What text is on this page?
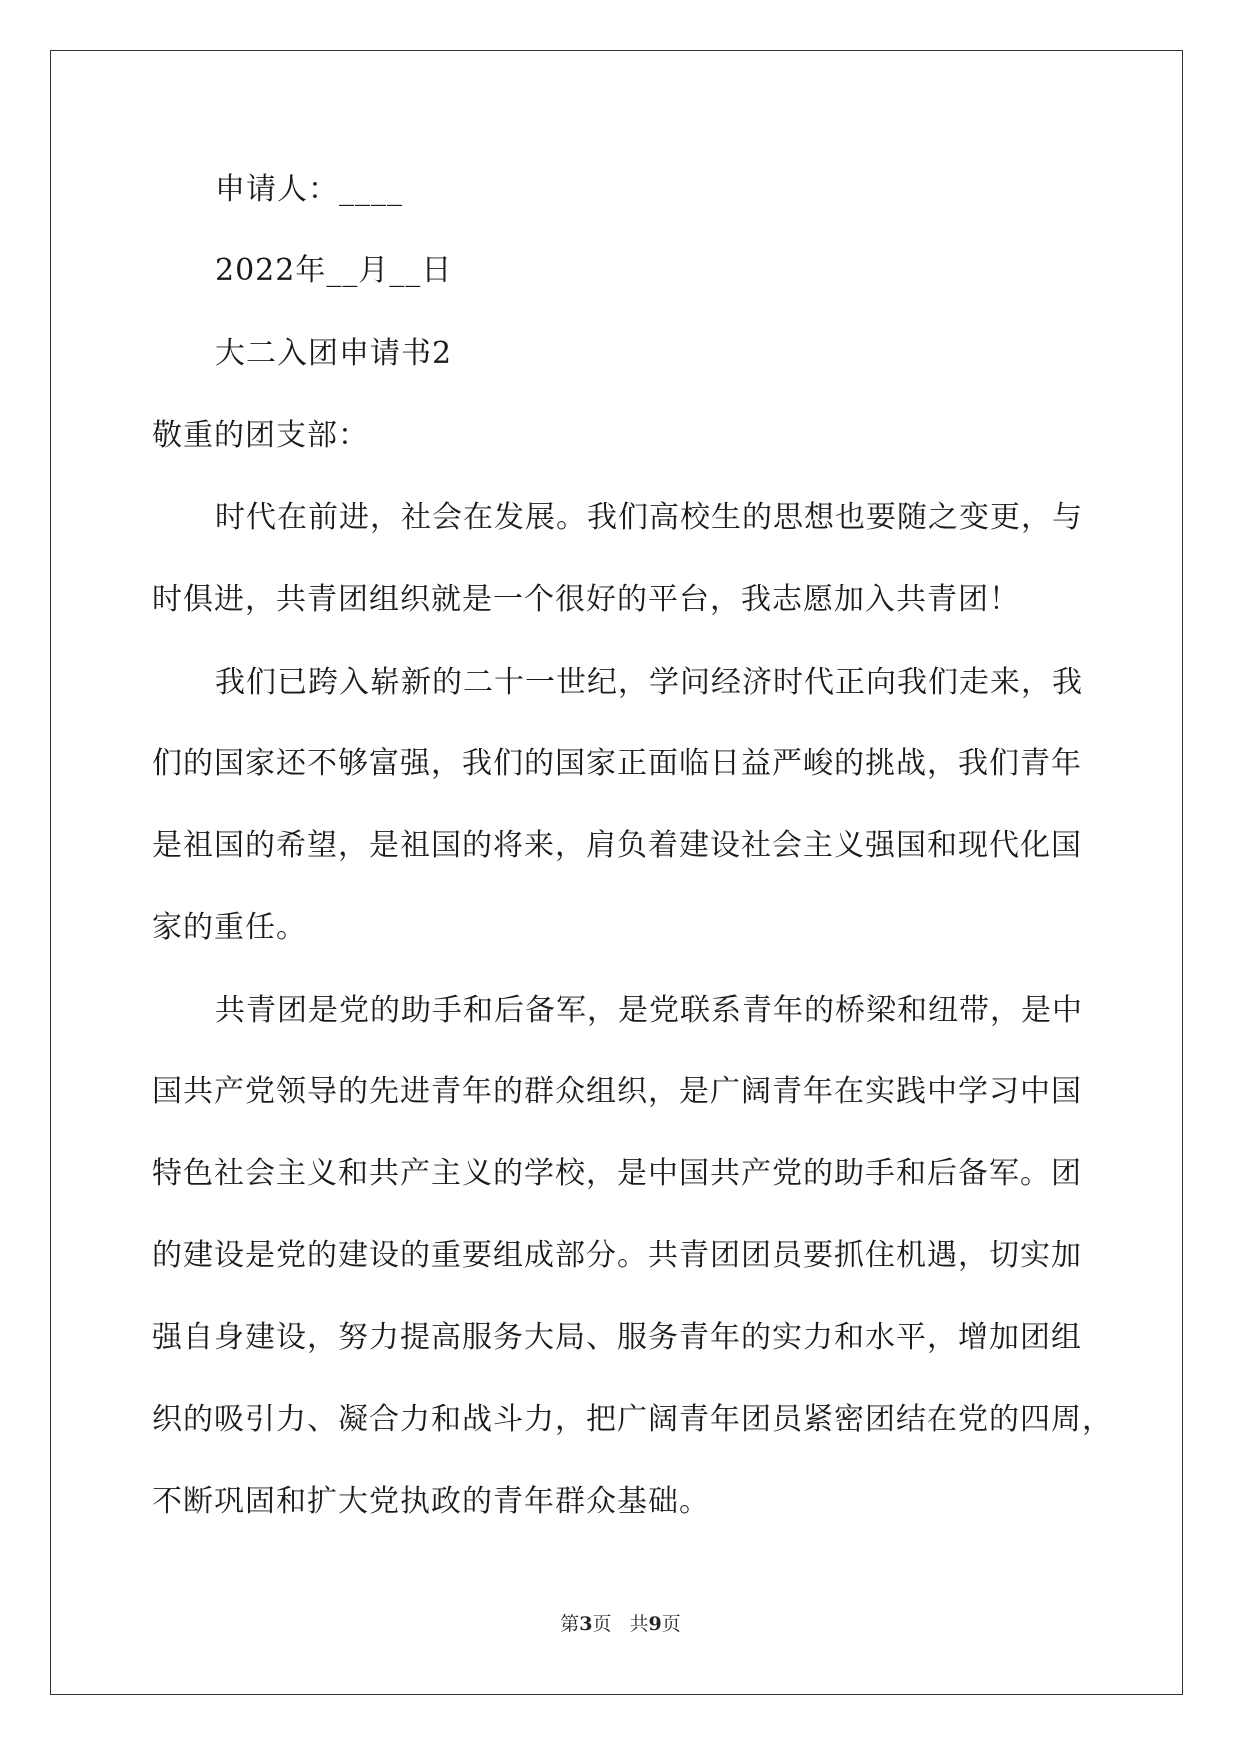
申请人：____
2022年__月__日
大二入团申请书2
敬重的团支部：
时代在前进，社会在发展。我们高校生的思想也要随之变更，与
时俱进，共青团组织就是一个很好的平台，我志愿加入共青团！
我们已跨入崭新的二十一世纪，学问经济时代正向我们走来，我
们的国家还不够富强，我们的国家正面临日益严峻的挑战，我们青年
是祖国的希望，是祖国的将来，肩负着建设社会主义强国和现代化国
家的重任。
共青团是党的助手和后备军，是党联系青年的桥梁和纽带，是中
国共产党领导的先进青年的群众组织，是广阔青年在实践中学习中国
特色社会主义和共产主义的学校，是中国共产党的助手和后备军。团
的建设是党的建设的重要组成部分。共青团团员要抓住机遇，切实加
强自身建设，努力提高服务大局、服务青年的实力和水平，增加团组
织的吸引力、凝合力和战斗力，把广阔青年团员紧密团结在党的四周，
不断巩固和扩大党执政的青年群众基础。
第3页 共9页
